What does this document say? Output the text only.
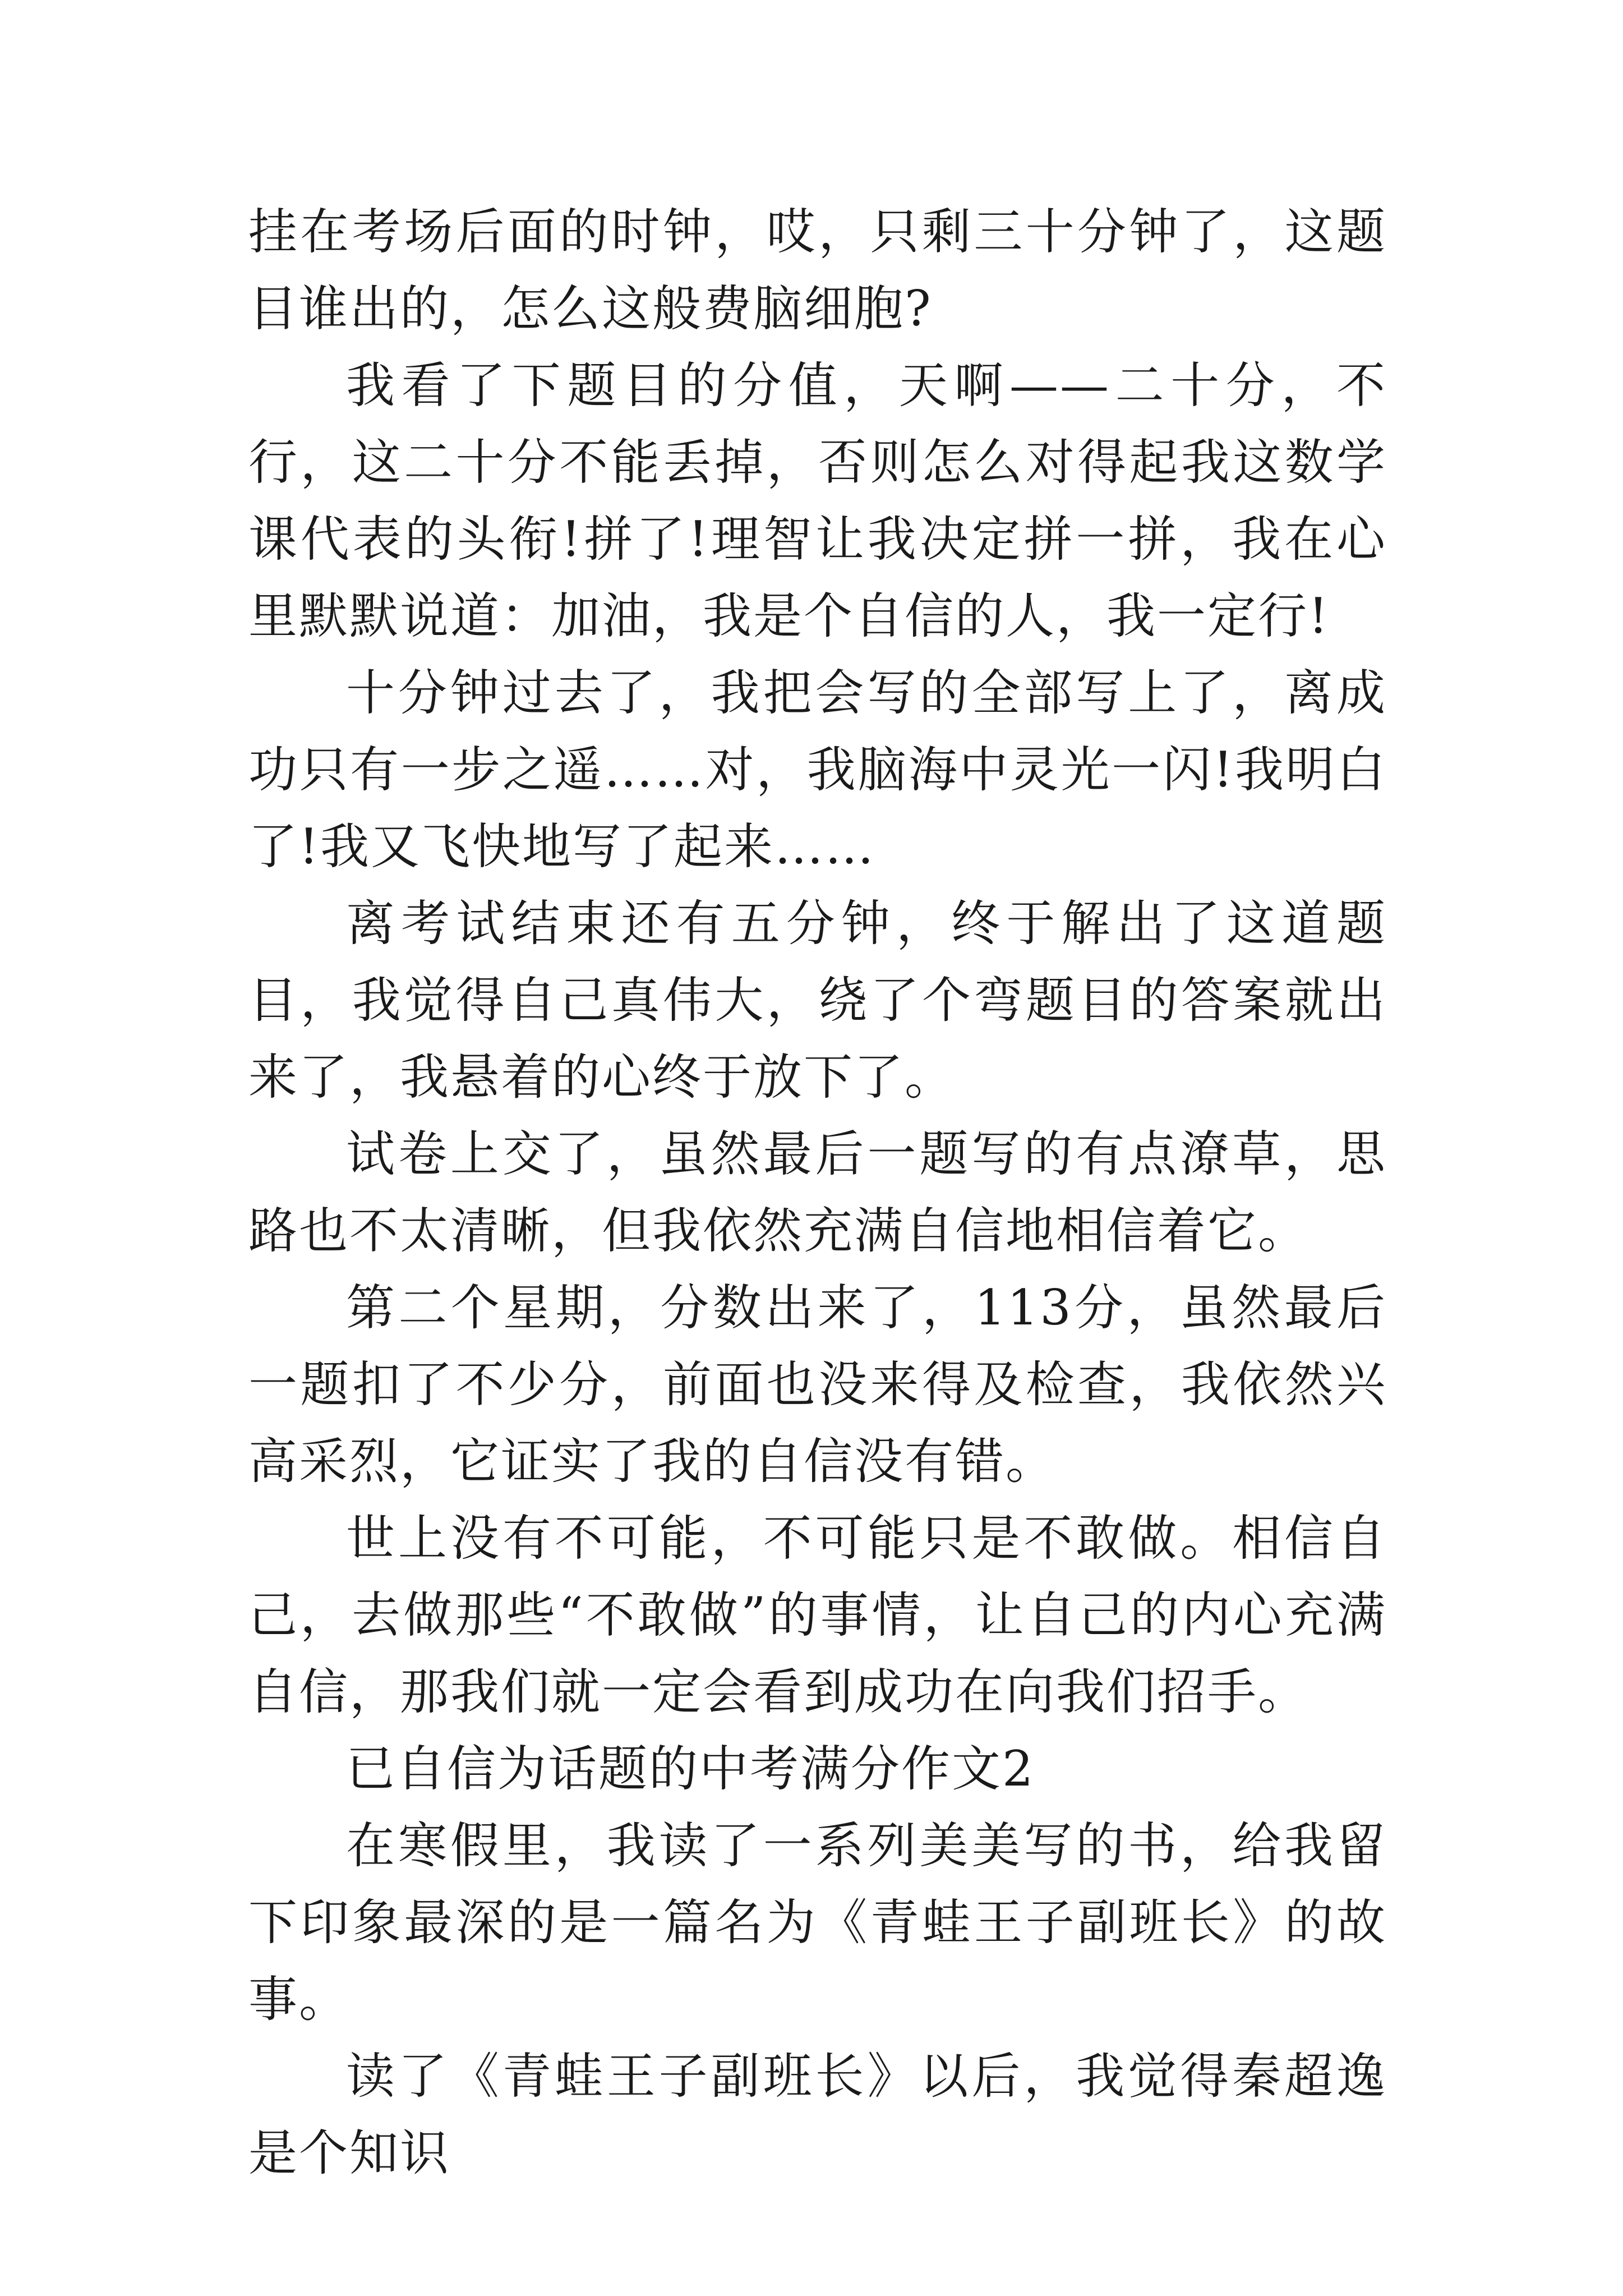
挂在考场后面的时钟，哎，只剩三十分钟了，这题目谁出的，怎么这般费脑细胞?

我看了下题目的分值，天啊——二十分，不行，这二十分不能丢掉，否则怎么对得起我这数学课代表的头衔!拼了!理智让我决定拼一拼，我在心里默默说道：加油，我是个自信的人，我一定行!

十分钟过去了，我把会写的全部写上了，离成功只有一步之遥……对，我脑海中灵光一闪!我明白了!我又飞快地写了起来……

离考试结束还有五分钟，终于解出了这道题目，我觉得自己真伟大，绕了个弯题目的答案就出来了，我悬着的心终于放下了。

试卷上交了，虽然最后一题写的有点潦草，思路也不太清晰，但我依然充满自信地相信着它。

第二个星期，分数出来了，113分，虽然最后一题扣了不少分，前面也没来得及检查，我依然兴高采烈，它证实了我的自信没有错。

世上没有不可能，不可能只是不敢做。相信自己，去做那些“不敢做”的事情，让自己的内心充满自信，那我们就一定会看到成功在向我们招手。

已自信为话题的中考满分作文2

在寒假里，我读了一系列美美写的书，给我留下印象最深的是一篇名为《青蛙王子副班长》的故事。

读了《青蛙王子副班长》以后，我觉得秦超逸是个知识
